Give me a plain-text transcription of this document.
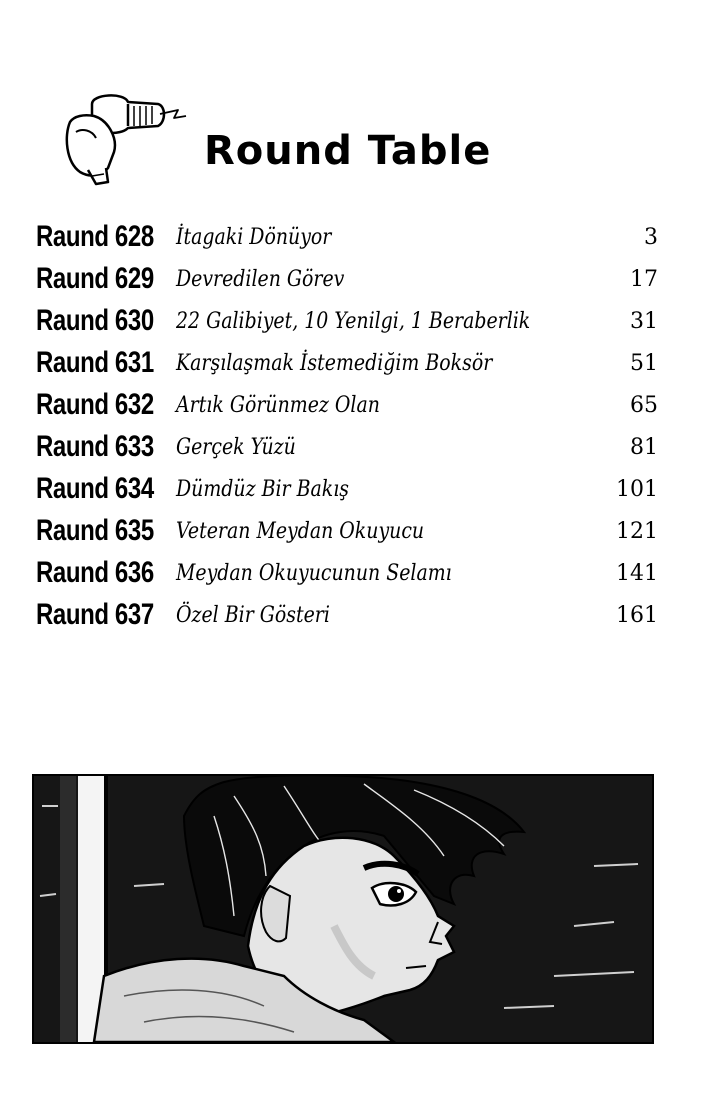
Round Table
Raund 628 İtagaki Dönüyor	3
Raund 629 Devredilen Görev	17
Raund 630 22 Galibiyet, 10 Yenilgi, 1 Beraberlik	31
Raund 631 Karşılaşmak İstemediğim Boksör	51
Raund 632 Artık Görünmez Olan	65
Raund 633 Gerçek Yüzü	81
Raund 634 Dümdüz Bir Bakış	101
Raund 635 Veteran Meydan Okuyucu	121
Raund 636 Meydan Okuyucunun Selamı	141
Raund 637 Özel Bir Gösteri	161
